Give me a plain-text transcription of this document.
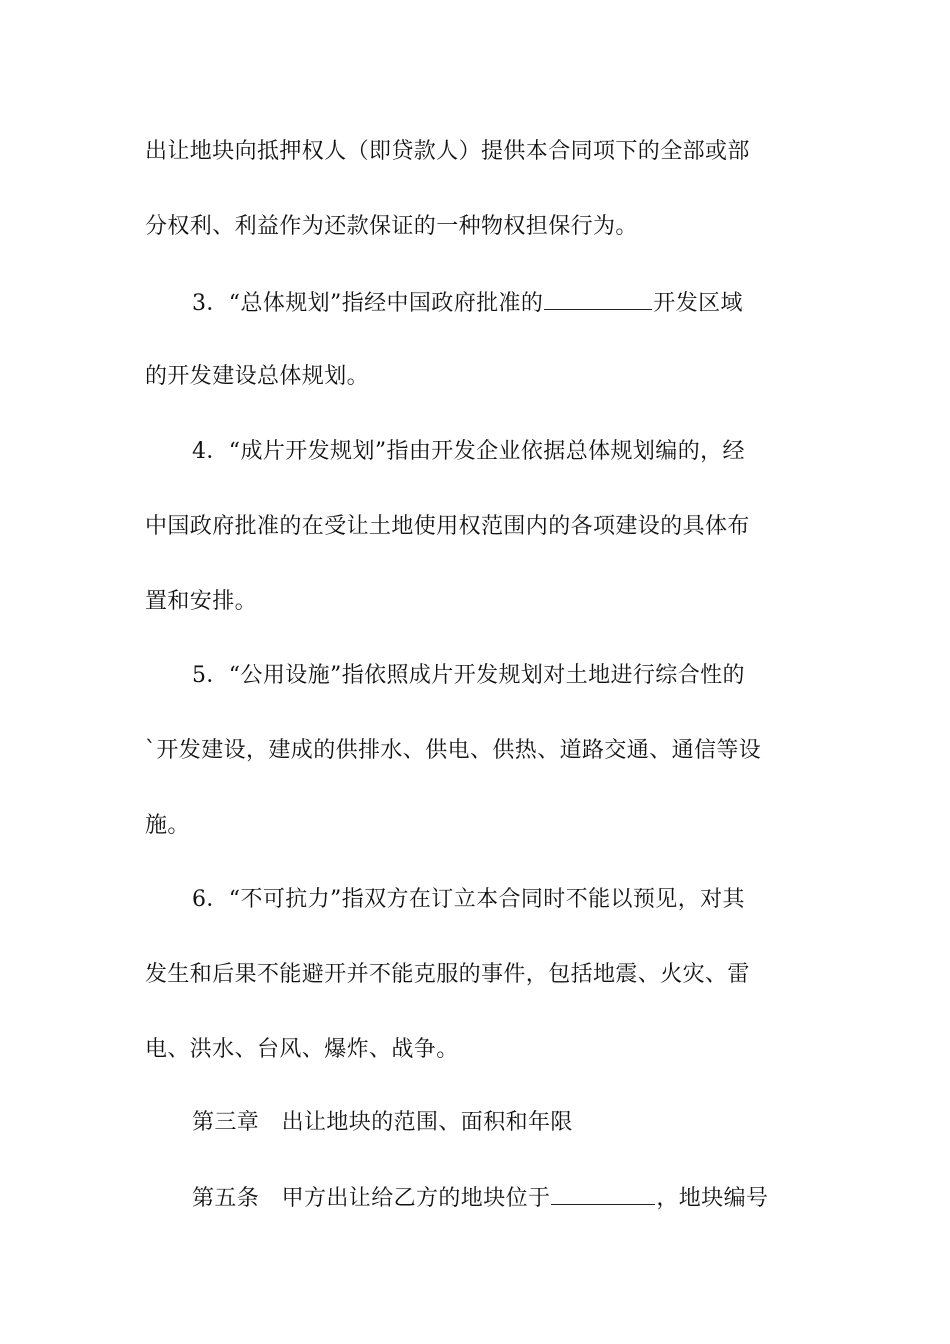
出让地块向抵押权人（即贷款人）提供本合同项下的全部或部
分权利、利益作为还款保证的一种物权担保行为。
3．“总体规划”指经中国政府批准的	开发区域
的开发建设总体规划。
4．“成片开发规划”指由开发企业依据总体规划编的，经
中国政府批准的在受让土地使用权范围内的各项建设的具体布
置和安排。
5．“公用设施”指依照成片开发规划对土地进行综合性的
`开发建设，建成的供排水、供电、供热、道路交通、通信等设
施。
6．“不可抗力”指双方在订立本合同时不能以预见，对其
发生和后果不能避开并不能克服的事件，包括地震、火灾、雷
电、洪水、台风、爆炸、战争。
第三章　出让地块的范围、面积和年限
第五条　甲方出让给乙方的地块位于	，地块编号
